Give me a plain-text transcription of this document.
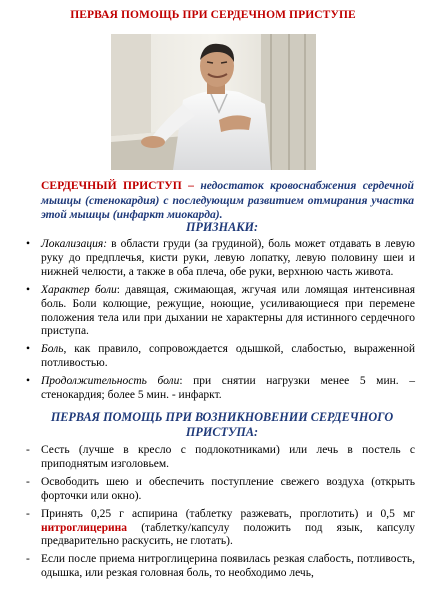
ПЕРВАЯ ПОМОЩЬ ПРИ СЕРДЕЧНОМ ПРИСТУПЕ
СЕРДЕЧНЫЙ ПРИСТУП – недостаток кровоснабжения сердечной мышцы (стенокардия) с последующим развитием отмирания участка этой мышцы (инфаркт миокарда).
ПРИЗНАКИ:
• Локализация: в области груди (за грудиной), боль может отдавать в левую руку до предплечья, кисти руки, левую лопатку, левую половину шеи и нижней челюсти, а также в оба плеча, обе руки, верхнюю часть живота.
• Характер боли: давящая, сжимающая, жгучая или ломящая интенсивная боль. Боли колющие, режущие, ноющие, усиливающиеся при перемене положения тела или при дыхании не характерны для истинного сердечного приступа.
• Боль, как правило, сопровождается одышкой, слабостью, выраженной потливостью.
• Продолжительность боли: при снятии нагрузки менее 5 мин. – стенокардия; более 5 мин. - инфаркт.
ПЕРВАЯ ПОМОЩЬ ПРИ ВОЗНИКНОВЕНИИ СЕРДЕЧНОГО
ПРИСТУПА:
- Сесть (лучше в кресло с подлокотниками) или лечь в постель с приподнятым изголовьем.
- Освободить шею и обеспечить поступление свежего воздуха (открыть форточки или окно).
- Принять 0,25 г аспирина (таблетку разжевать, проглотить) и 0,5 мг нитроглицерина (таблетку/капсулу положить под язык, капсулу предварительно раскусить, не глотать).
- Если после приема нитроглицерина появилась резкая слабость, потливость, одышка, или резкая головная боль, то необходимо лечь,
